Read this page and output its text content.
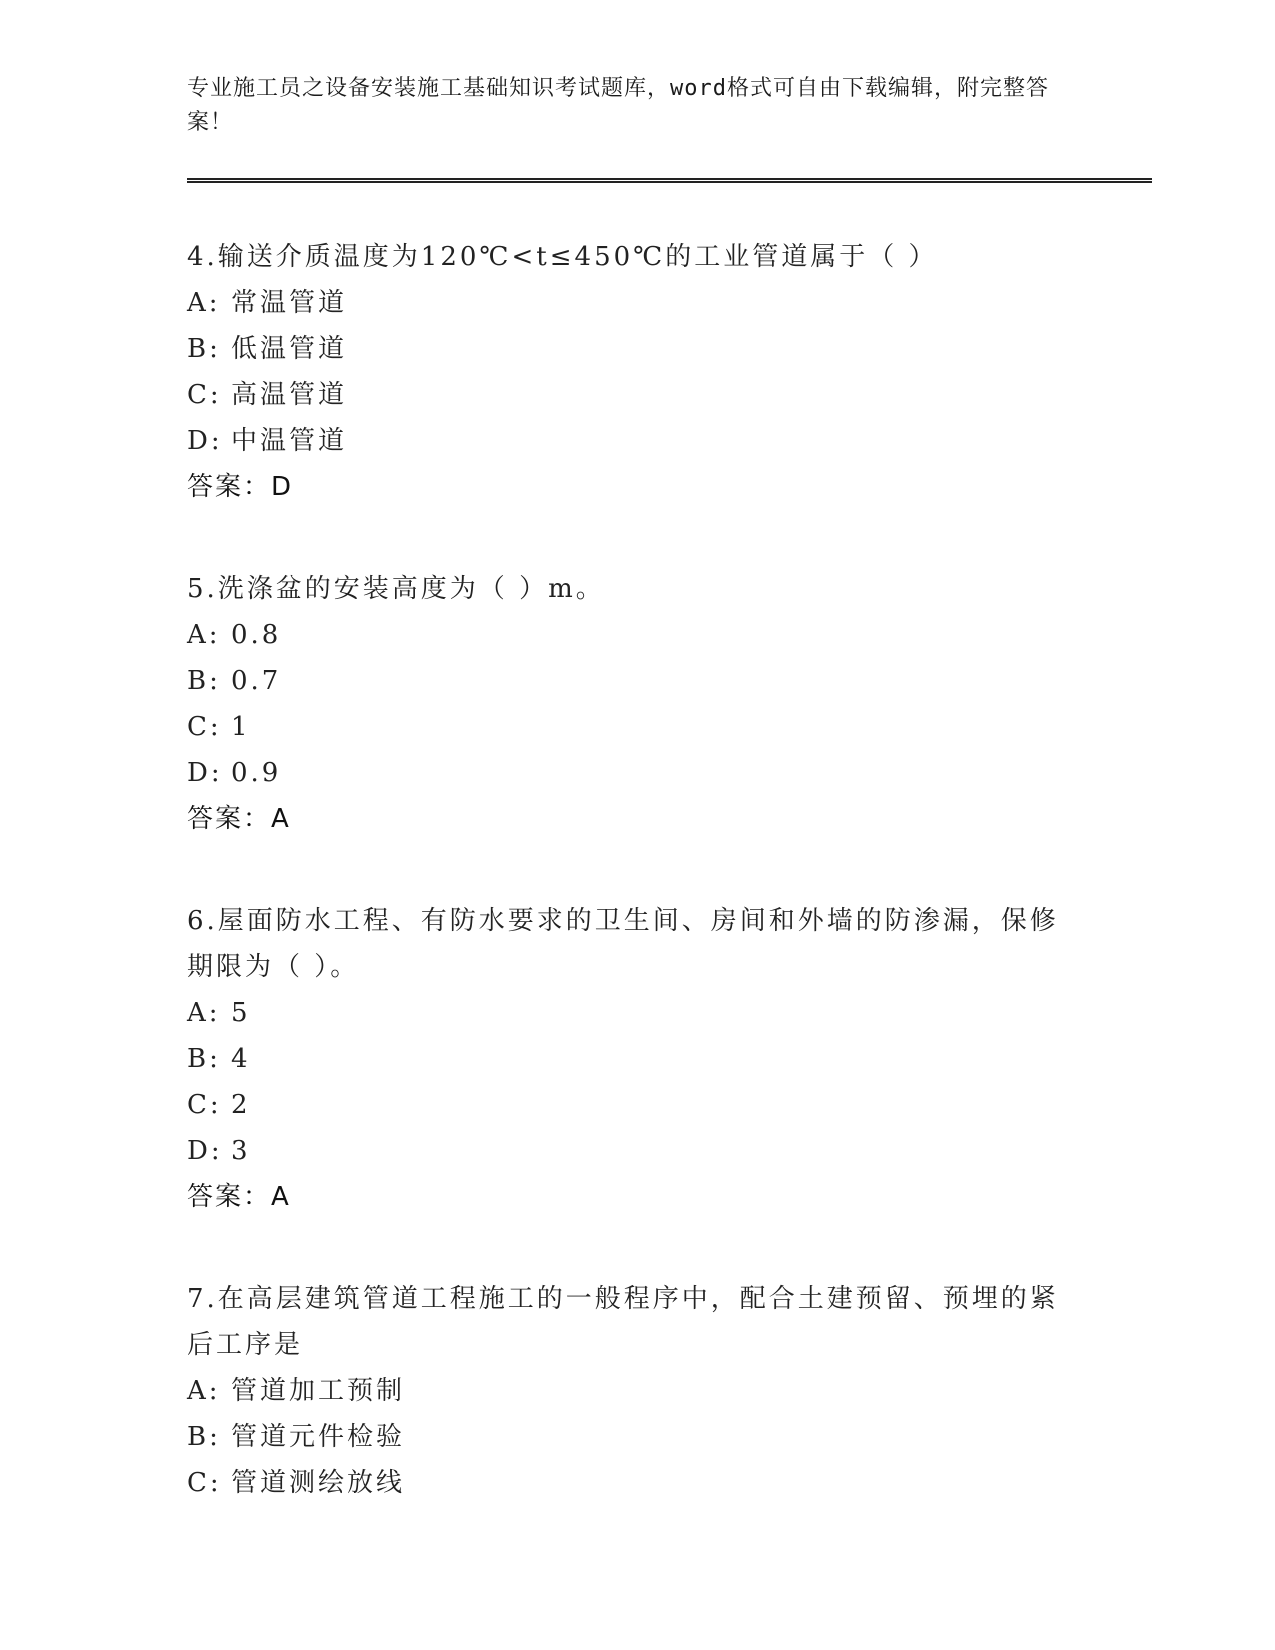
专业施工员之设备安装施工基础知识考试题库，word格式可自由下载编辑，附完整答案！

4.输送介质温度为120℃<t≤450℃的工业管道属于（ ）

A: 常温管道

B: 低温管道

C: 高温管道

D: 中温管道

答案：D

5.洗涤盆的安装高度为（ ）m。

A: 0.8

B: 0.7

C: 1

D: 0.9

答案：A

6.屋面防水工程、有防水要求的卫生间、房间和外墙的防渗漏，保修期限为（ ）。

A: 5

B: 4

C: 2

D: 3

答案：A

7.在高层建筑管道工程施工的一般程序中，配合土建预留、预埋的紧后工序是

A: 管道加工预制

B: 管道元件检验

C: 管道测绘放线
